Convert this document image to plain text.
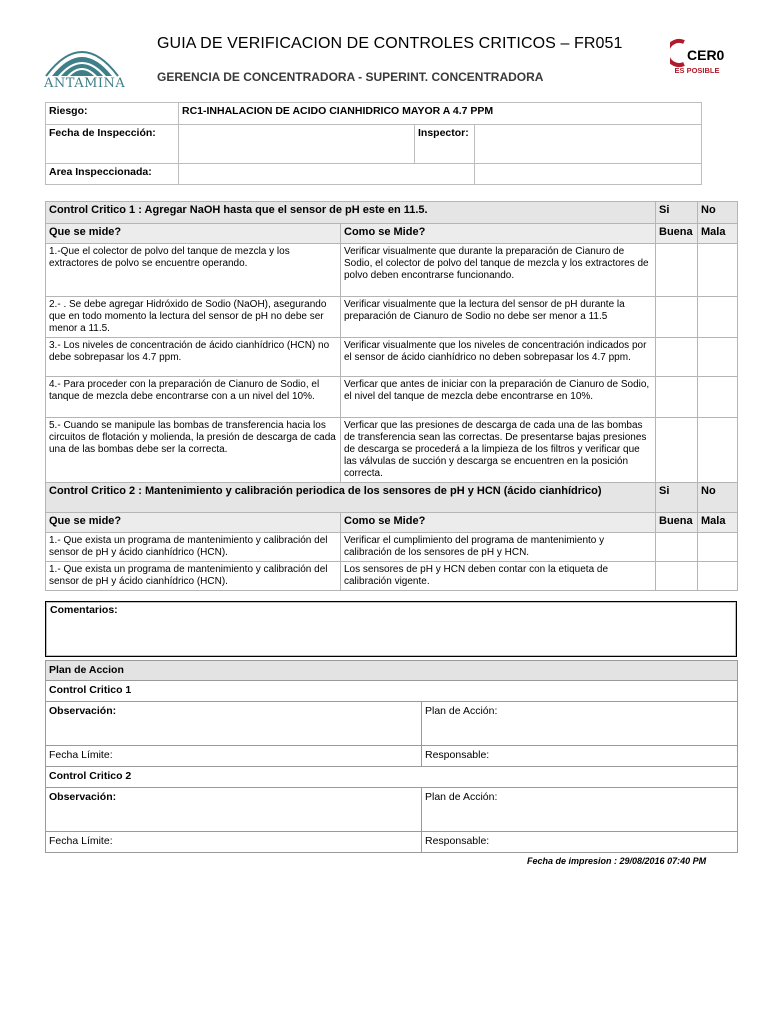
ANTAMINA
GUIA DE VERIFICACION DE CONTROLES CRITICOS – FR051
GERENCIA DE CONCENTRADORA - SUPERINT. CONCENTRADORA
CER0
ES POSIBLE
Riesgo:	RC1-INHALACION DE ACIDO CIANHIDRICO MAYOR A 4.7 PPM		
Fecha de Inspección:		Inspector:	
Area Inspeccionada:			
Control Critico 1 : Agregar NaOH hasta que el sensor de pH este en 11.5.		Si	No
Que se mide?	Como se Mide?	Buena	Mala
1.-Que el colector de polvo del tanque de mezcla y los extractores de polvo se encuentre operando.	Verificar visualmente que durante la preparación de Cianuro de Sodio, el colector de polvo del tanque de mezcla y los extractores de polvo deben encontrarse funcionando.		
2.- . Se debe agregar Hidróxido de Sodio (NaOH), asegurando que en todo momento la lectura del sensor de pH no debe ser menor a 11.5.	Verificar visualmente que la lectura del sensor de pH durante la preparación de Cianuro de Sodio no debe ser menor a 11.5		
3.- Los niveles de concentración de ácido cianhídrico (HCN) no debe sobrepasar los 4.7 ppm.	Verificar visualmente que los niveles de concentración indicados por el sensor de ácido cianhídrico no deben sobrepasar los 4.7 ppm.		
4.- Para proceder con la preparación de Cianuro de Sodio, el tanque de mezcla debe encontrarse con a un nivel del 10%.	Verficar que antes de iniciar con la preparación de Cianuro de Sodio, el nivel del tanque de mezcla debe encontrarse en 10%.		
5.- Cuando se manipule las bombas de transferencia hacia los circuitos de flotación y molienda, la presión de descarga de cada una de las bombas debe ser la correcta.	Verficar que las presiones de descarga de cada una de las bombas de transferencia sean las correctas. De presentarse bajas presiones de descarga se procederá a la limpieza de los filtros y verificar que las válvulas de succión y descarga se encuentren en la posición correcta.		
Control Critico 2 : Mantenimiento y calibración periodica de los sensores de pH y HCN (ácido cianhídrico)		Si	No
Que se mide?	Como se Mide?	Buena	Mala
1.- Que exista un programa de mantenimiento y calibración del sensor de pH y ácido cianhídrico (HCN).	Verificar el cumplimiento del programa de mantenimiento y calibración de los sensores de pH y HCN.		
1.- Que exista un programa de mantenimiento y calibración del sensor de pH y ácido cianhídrico (HCN).	Los sensores de pH y HCN deben contar con la etiqueta de calibración vigente.		
Comentarios:
Plan de Accion	
Control Critico 1	
Observación:	Plan de Acción:
Fecha Límite:	Responsable:
Control Critico 2	
Observación:	Plan de Acción:
Fecha Límite:	Responsable:
Fecha de impresion : 29/08/2016 07:40 PM
